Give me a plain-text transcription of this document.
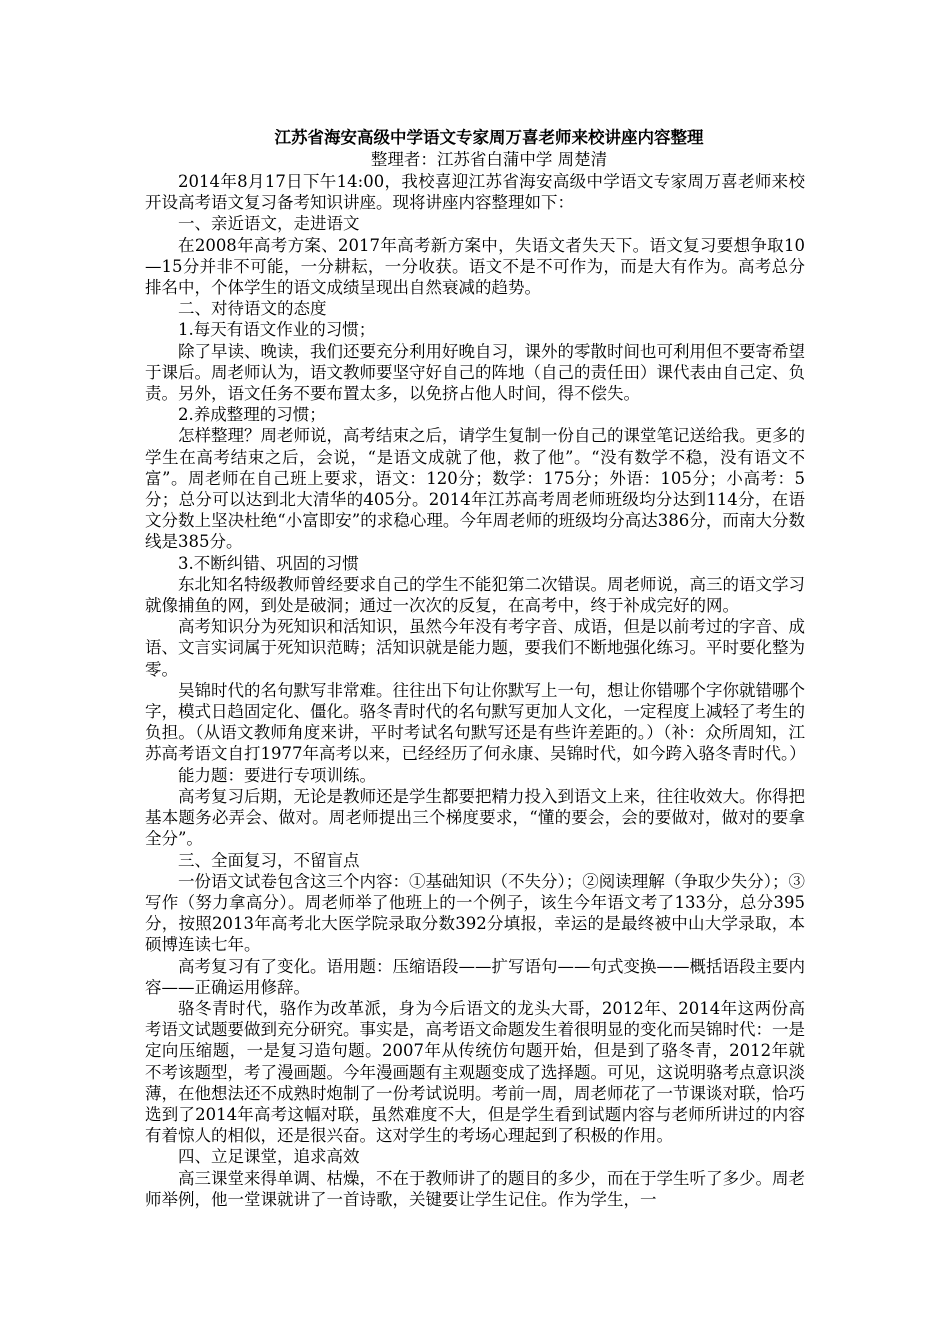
江苏省海安高级中学语文专家周万喜老师来校讲座内容整理
整理者：江苏省白蒲中学 周楚清

2014年8月17日下午14:00，我校喜迎江苏省海安高级中学语文专家周万喜老师来校开设高考语文复习备考知识讲座。现将讲座内容整理如下：

一、亲近语文，走进语文

在2008年高考方案、2017年高考新方案中，失语文者失天下。语文复习要想争取10—15分并非不可能，一分耕耘，一分收获。语文不是不可作为，而是大有作为。高考总分排名中，个体学生的语文成绩呈现出自然衰减的趋势。

二、对待语文的态度

1.每天有语文作业的习惯；

除了早读、晚读，我们还要充分利用好晚自习，课外的零散时间也可利用但不要寄希望于课后。周老师认为，语文教师要坚守好自己的阵地（自己的责任田）课代表由自己定、负责。另外，语文任务不要布置太多，以免挤占他人时间，得不偿失。

2.养成整理的习惯；

怎样整理？周老师说，高考结束之后，请学生复制一份自己的课堂笔记送给我。更多的学生在高考结束之后，会说，“是语文成就了他，救了他”。“没有数学不稳，没有语文不富”。周老师在自己班上要求，语文：120分；数学：175分；外语：105分；小高考：5分；总分可以达到北大清华的405分。2014年江苏高考周老师班级均分达到114分，在语文分数上坚决杜绝“小富即安”的求稳心理。今年周老师的班级均分高达386分，而南大分数线是385分。

3.不断纠错、巩固的习惯

东北知名特级教师曾经要求自己的学生不能犯第二次错误。周老师说，高三的语文学习就像捕鱼的网，到处是破洞；通过一次次的反复，在高考中，终于补成完好的网。

高考知识分为死知识和活知识，虽然今年没有考字音、成语，但是以前考过的字音、成语、文言实词属于死知识范畴；活知识就是能力题，要我们不断地强化练习。平时要化整为零。

吴锦时代的名句默写非常难。往往出下句让你默写上一句，想让你错哪个字你就错哪个字，模式日趋固定化、僵化。骆冬青时代的名句默写更加人文化，一定程度上减轻了考生的负担。（从语文教师角度来讲，平时考试名句默写还是有些许差距的。）（补：众所周知，江苏高考语文自打1977年高考以来，已经经历了何永康、吴锦时代，如今跨入骆冬青时代。）

能力题：要进行专项训练。

高考复习后期，无论是教师还是学生都要把精力投入到语文上来，往往收效大。你得把基本题务必弄会、做对。周老师提出三个梯度要求，“懂的要会，会的要做对，做对的要拿全分”。

三、全面复习，不留盲点

一份语文试卷包含这三个内容：①基础知识（不失分）；②阅读理解（争取少失分）；③写作（努力拿高分）。周老师举了他班上的一个例子，该生今年语文考了133分，总分395分，按照2013年高考北大医学院录取分数392分填报，幸运的是最终被中山大学录取，本硕博连读七年。

高考复习有了变化。语用题：压缩语段——扩写语句——句式变换——概括语段主要内容——正确运用修辞。

骆冬青时代，骆作为改革派，身为今后语文的龙头大哥，2012年、2014年这两份高考语文试题要做到充分研究。事实是，高考语文命题发生着很明显的变化而吴锦时代：一是定向压缩题，一是复习造句题。2007年从传统仿句题开始，但是到了骆冬青，2012年就不考该题型，考了漫画题。今年漫画题有主观题变成了选择题。可见，这说明骆考点意识淡薄，在他想法还不成熟时炮制了一份考试说明。考前一周，周老师花了一节课谈对联，恰巧选到了2014年高考这幅对联，虽然难度不大，但是学生看到试题内容与老师所讲过的内容有着惊人的相似，还是很兴奋。这对学生的考场心理起到了积极的作用。

四、立足课堂，追求高效

高三课堂来得单调、枯燥，不在于教师讲了的题目的多少，而在于学生听了多少。周老师举例，他一堂课就讲了一首诗歌，关键要让学生记住。作为学生，一
